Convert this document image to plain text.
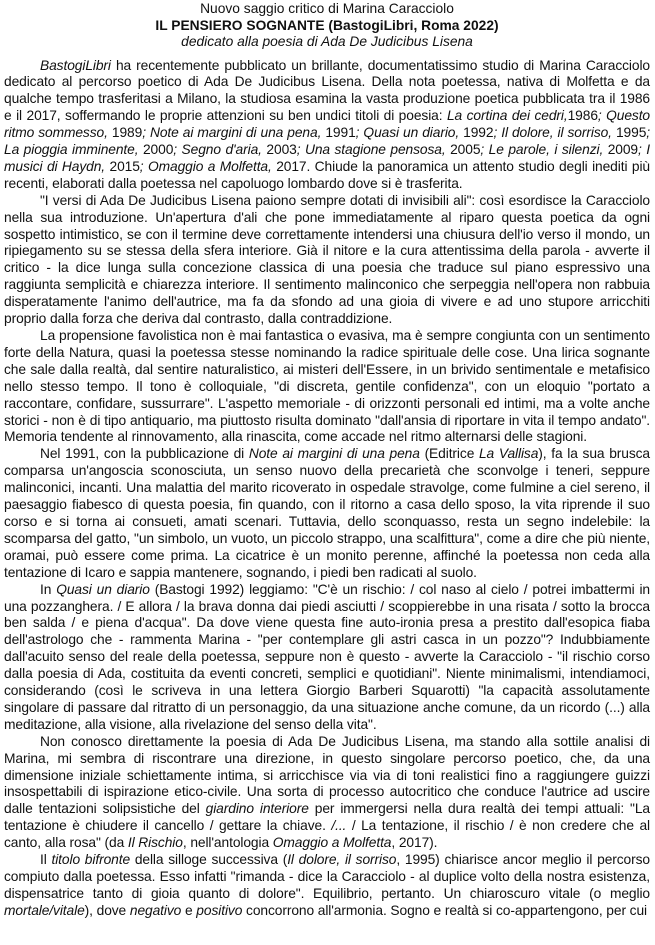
Nuovo saggio critico di Marina Caracciolo
IL PENSIERO SOGNANTE (BastogiLibri, Roma 2022)
dedicato alla poesia di Ada De Judicibus Lisena

BastogiLibri ha recentemente pubblicato un brillante, documentatissimo studio di Marina Caracciolo dedicato al percorso poetico di Ada De Judicibus Lisena. Della nota poetessa, nativa di Molfetta e da qualche tempo trasferitasi a Milano, la studiosa esamina la vasta produzione poetica pubblicata tra il 1986 e il 2017, soffermando le proprie attenzioni su ben undici titoli di poesia: La cortina dei cedri,1986; Questo ritmo sommesso, 1989; Note ai margini di una pena, 1991; Quasi un diario, 1992; Il dolore, il sorriso, 1995; La pioggia imminente, 2000; Segno d'aria, 2003; Una stagione pensosa, 2005; Le parole, i silenzi, 2009; I musici di Haydn, 2015; Omaggio a Molfetta, 2017. Chiude la panoramica un attento studio degli inediti più recenti, elaborati dalla poetessa nel capoluogo lombardo dove si è trasferita.

"I versi di Ada De Judicibus Lisena paiono sempre dotati di invisibili ali": così esordisce la Caracciolo nella sua introduzione. Un'apertura d'ali che pone immediatamente al riparo questa poetica da ogni sospetto intimistico, se con il termine deve correttamente intendersi una chiusura dell'io verso il mondo, un ripiegamento su se stessa della sfera interiore. Già il nitore e la cura attentissima della parola - avverte il critico - la dice lunga sulla concezione classica di una poesia che traduce sul piano espressivo una raggiunta semplicità e chiarezza interiore. Il sentimento malinconico che serpeggia nell'opera non rabbuia disperatamente l'animo dell'autrice, ma fa da sfondo ad una gioia di vivere e ad uno stupore arricchiti proprio dalla forza che deriva dal contrasto, dalla contraddizione.

La propensione favolistica non è mai fantastica o evasiva, ma è sempre congiunta con un sentimento forte della Natura, quasi la poetessa stesse nominando la radice spirituale delle cose. Una lirica sognante che sale dalla realtà, dal sentire naturalistico, ai misteri dell'Essere, in un brivido sentimentale e metafisico nello stesso tempo. Il tono è colloquiale, "di discreta, gentile confidenza", con un eloquio "portato a raccontare, confidare, sussurrare". L'aspetto memoriale - di orizzonti personali ed intimi, ma a volte anche storici - non è di tipo antiquario, ma piuttosto risulta dominato "dall'ansia di riportare in vita il tempo andato". Memoria tendente al rinnovamento, alla rinascita, come accade nel ritmo alternarsi delle stagioni.

Nel 1991, con la pubblicazione di Note ai margini di una pena (Editrice La Vallisa), fa la sua brusca comparsa un'angoscia sconosciuta, un senso nuovo della precarietà che sconvolge i teneri, seppure malinconici, incanti. Una malattia del marito ricoverato in ospedale stravolge, come fulmine a ciel sereno, il paesaggio fiabesco di questa poesia, fin quando, con il ritorno a casa dello sposo, la vita riprende il suo corso e si torna ai consueti, amati scenari. Tuttavia, dello sconquasso, resta un segno indelebile: la scomparsa del gatto, "un simbolo, un vuoto, un piccolo strappo, una scalfittura", come a dire che più niente, oramai, può essere come prima. La cicatrice è un monito perenne, affinché la poetessa non ceda alla tentazione di Icaro e sappia mantenere, sognando, i piedi ben radicati al suolo.

In Quasi un diario (Bastogi 1992) leggiamo: "C'è un rischio: / col naso al cielo / potrei imbattermi in una pozzanghera. / E allora / la brava donna dai piedi asciutti / scoppierebbe in una risata / sotto la brocca ben salda / e piena d'acqua". Da dove viene questa fine auto-ironia presa a prestito dall'esopica fiaba dell'astrologo che - rammenta Marina - "per contemplare gli astri casca in un pozzo"? Indubbiamente dall'acuito senso del reale della poetessa, seppure non è questo - avverte la Caracciolo - "il rischio corso dalla poesia di Ada, costituita da eventi concreti, semplici e quotidiani". Niente minimalismi, intendiamoci, considerando (così le scriveva in una lettera Giorgio Barberi Squarotti) "la capacità assolutamente singolare di passare dal ritratto di un personaggio, da una situazione anche comune, da un ricordo (...) alla meditazione, alla visione, alla rivelazione del senso della vita".

Non conosco direttamente la poesia di Ada De Judicibus Lisena, ma stando alla sottile analisi di Marina, mi sembra di riscontrare una direzione, in questo singolare percorso poetico, che, da una dimensione iniziale schiettamente intima, si arricchisce via via di toni realistici fino a raggiungere guizzi insospettabili di ispirazione etico-civile. Una sorta di processo autocritico che conduce l'autrice ad uscire dalle tentazioni solipsistiche del giardino interiore per immergersi nella dura realtà dei tempi attuali: "La tentazione è chiudere il cancello / gettare la chiave. /... / La tentazione, il rischio / è non credere che al canto, alla rosa" (da Il Rischio, nell'antologia Omaggio a Molfetta, 2017).

Il titolo bifronte della silloge successiva (Il dolore, il sorriso, 1995) chiarisce ancor meglio il percorso compiuto dalla poetessa. Esso infatti "rimanda - dice la Caracciolo - al duplice volto della nostra esistenza, dispensatrice tanto di gioia quanto di dolore". Equilibrio, pertanto. Un chiaroscuro vitale (o meglio mortale/vitale), dove negativo e positivo concorrono all'armonia. Sogno e realtà si co-appartengono, per cui
